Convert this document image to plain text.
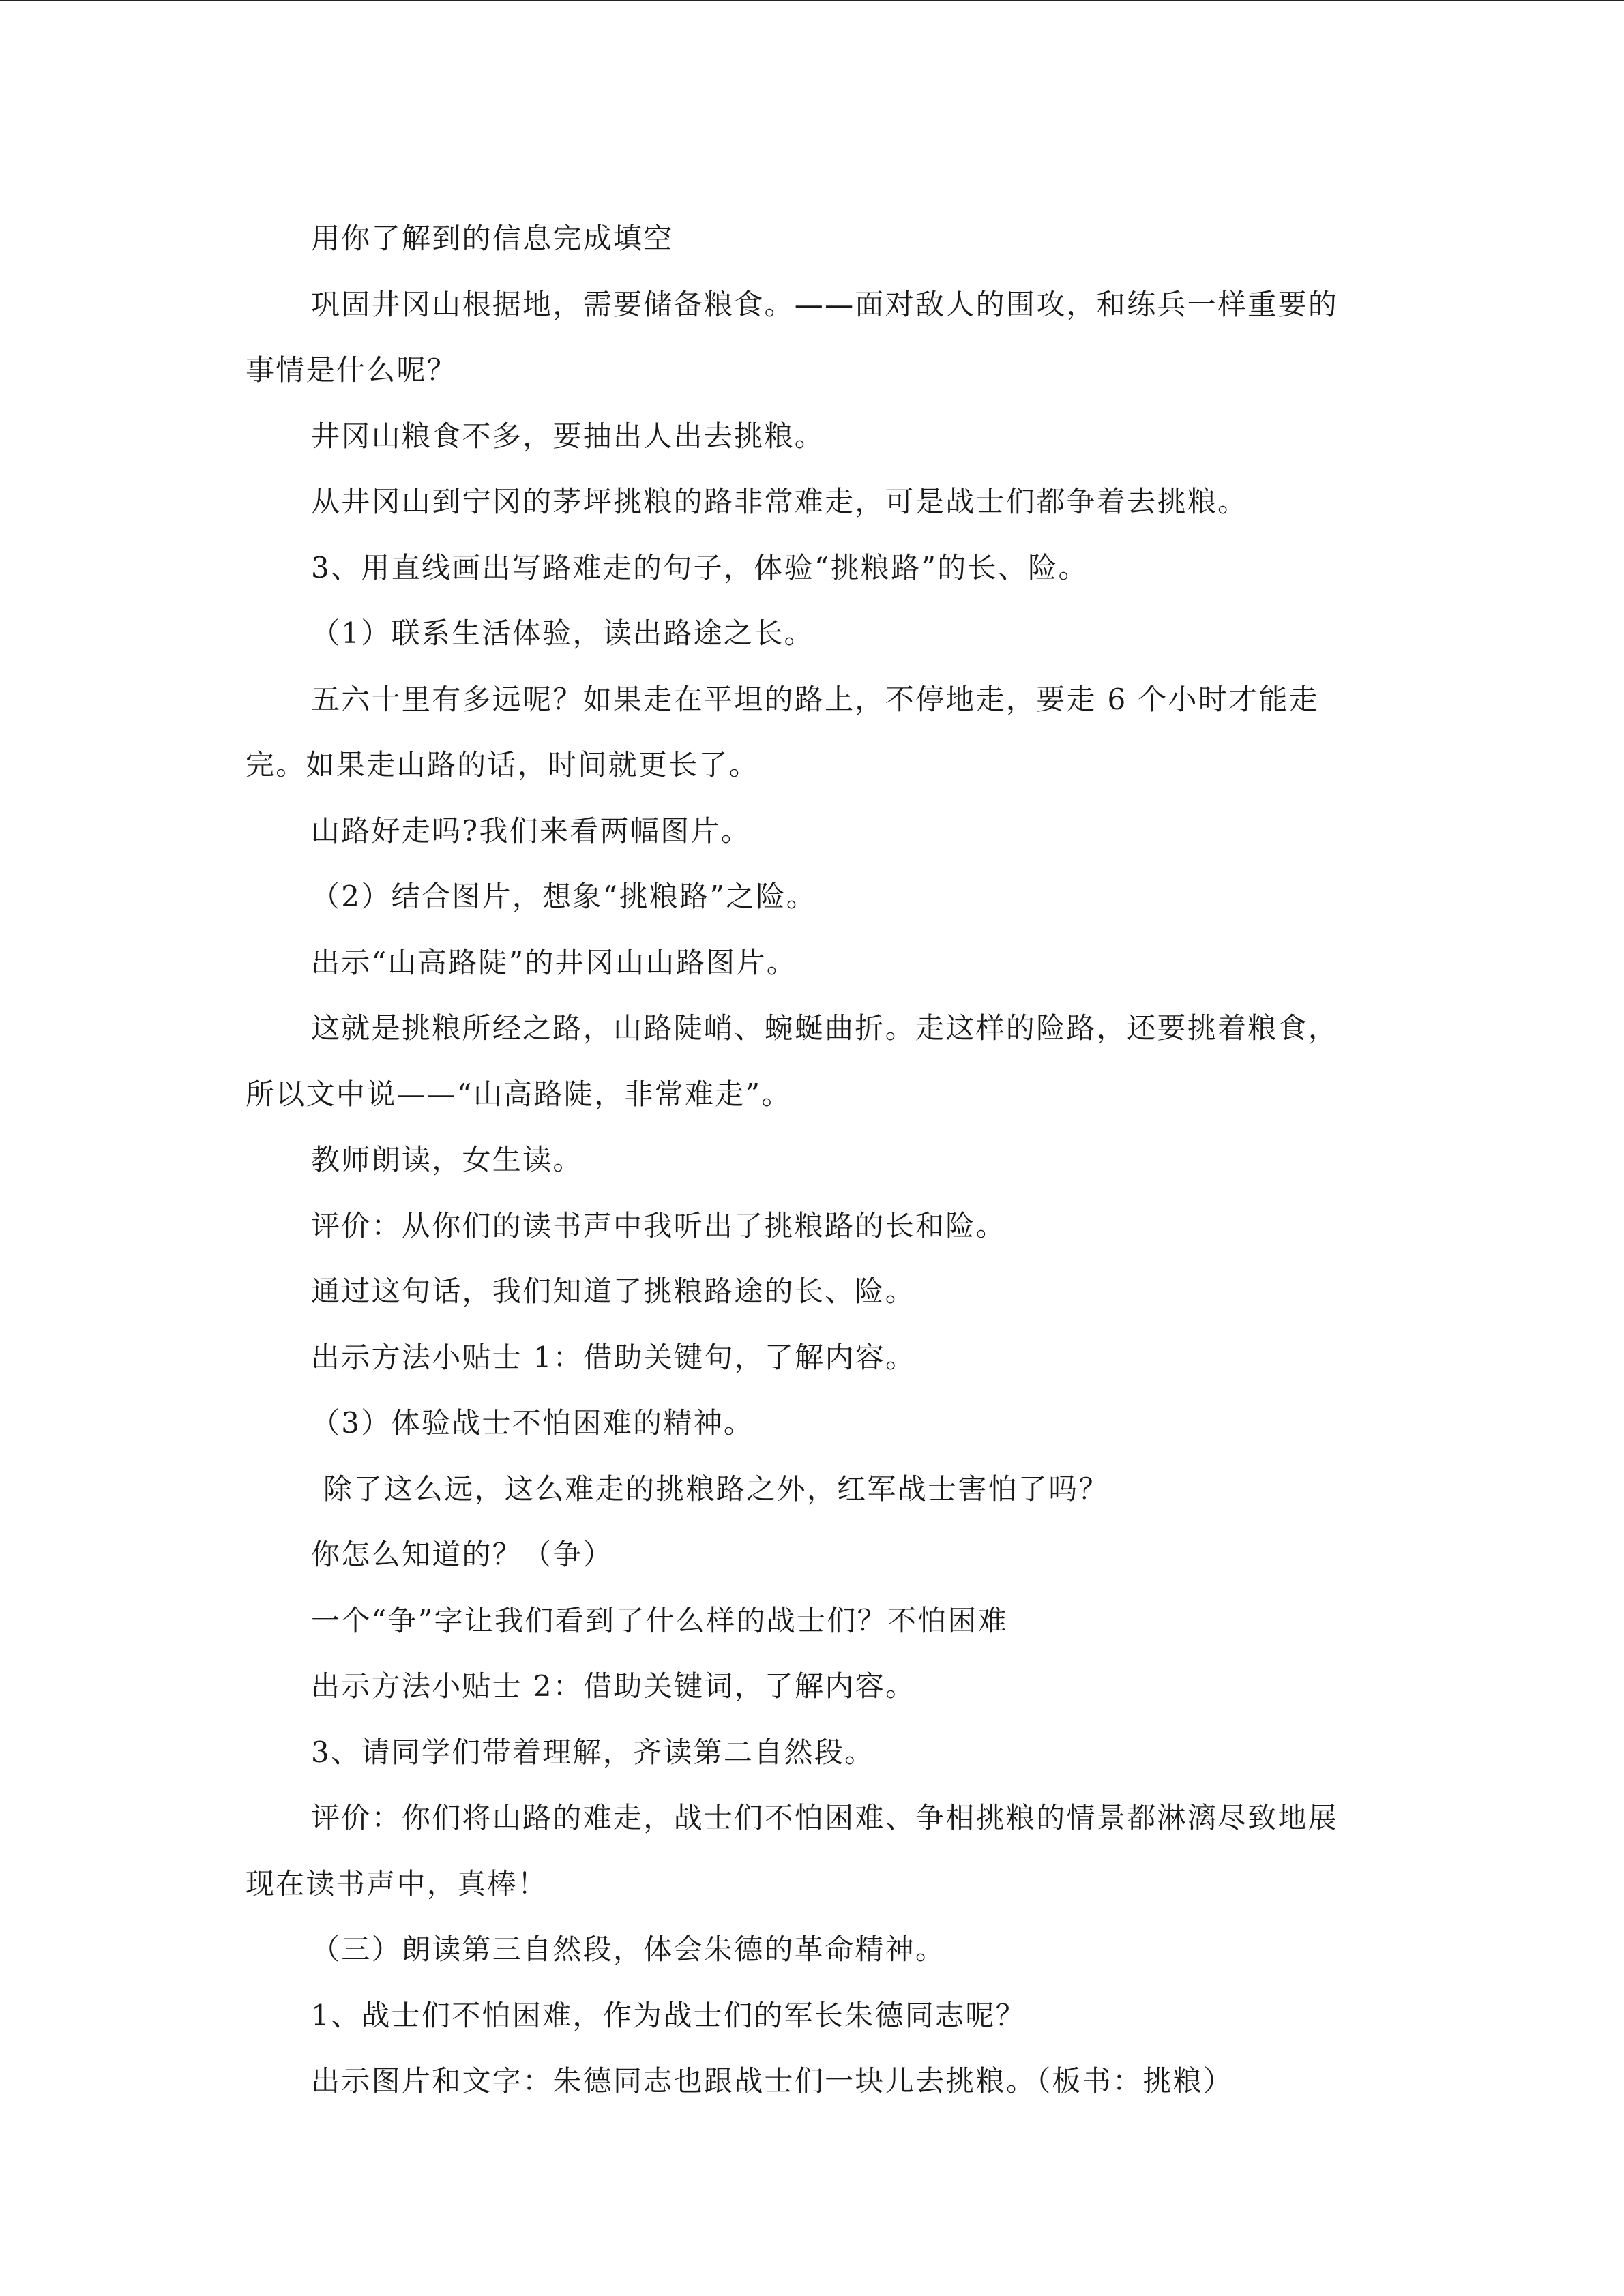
用你了解到的信息完成填空

巩固井冈山根据地，需要储备粮食。——面对敌人的围攻，和练兵一样重要的事情是什么呢？

井冈山粮食不多，要抽出人出去挑粮。

从井冈山到宁冈的茅坪挑粮的路非常难走，可是战士们都争着去挑粮。

3、用直线画出写路难走的句子，体验“挑粮路”的长、险。

（1）联系生活体验，读出路途之长。

五六十里有多远呢？如果走在平坦的路上，不停地走，要走 6 个小时才能走完。如果走山路的话，时间就更长了。

山路好走吗?我们来看两幅图片。

（2）结合图片，想象“挑粮路”之险。

出示“山高路陡”的井冈山山路图片。

这就是挑粮所经之路，山路陡峭、蜿蜒曲折。走这样的险路，还要挑着粮食，所以文中说——“山高路陡，非常难走”。

教师朗读，女生读。

评价：从你们的读书声中我听出了挑粮路的长和险。

通过这句话，我们知道了挑粮路途的长、险。

出示方法小贴士 1：借助关键句，了解内容。

（3）体验战士不怕困难的精神。

除了这么远，这么难走的挑粮路之外，红军战士害怕了吗？

你怎么知道的？（争）

一个“争”字让我们看到了什么样的战士们？不怕困难

出示方法小贴士 2：借助关键词，了解内容。

3、请同学们带着理解，齐读第二自然段。

评价：你们将山路的难走，战士们不怕困难、争相挑粮的情景都淋漓尽致地展现在读书声中，真棒！

（三）朗读第三自然段，体会朱德的革命精神。

1、战士们不怕困难，作为战士们的军长朱德同志呢？

出示图片和文字：朱德同志也跟战士们一块儿去挑粮。（板书：挑粮）
